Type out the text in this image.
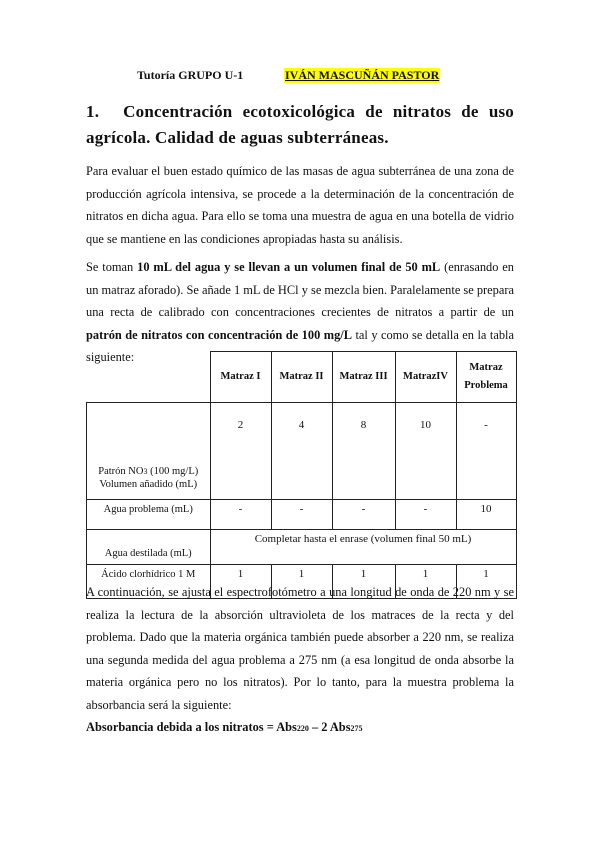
Tutoría GRUPO U-1	IVÁN MASCUÑÁN PASTOR
1. Concentración ecotoxicológica de nitratos de uso agrícola. Calidad de aguas subterráneas.

Para evaluar el buen estado químico de las masas de agua subterránea de una zona de producción agrícola intensiva, se procede a la determinación de la concentración de nitratos en dicha agua. Para ello se toma una muestra de agua en una botella de vidrio que se mantiene en las condiciones apropiadas hasta su análisis.

Se toman 10 mL del agua y se llevan a un volumen final de 50 mL (enrasando en un matraz aforado). Se añade 1 mL de HCl y se mezcla bien. Paralelamente se prepara una recta de calibrado con concentraciones crecientes de nitratos a partir de un patrón de nitratos con concentración de 100 mg/L tal y como se detalla en la tabla siguiente:

	Matraz I	Matraz II	Matraz III	MatrazIV	Matraz Problema
Patrón NO3 (100 mg/L)
Volumen añadido (mL)	2	4	8	10	-
Agua problema (mL)	-	-	-	-	10
Agua destilada (mL)	Completar hasta el enrase (volumen final 50 mL)				
Ácido clorhídrico 1 M	1	1	1	1	1

A continuación, se ajusta el espectrofotómetro a una longitud de onda de 220 nm y se realiza la lectura de la absorción ultravioleta de los matraces de la recta y del problema. Dado que la materia orgánica también puede absorber a 220 nm, se realiza una segunda medida del agua problema a 275 nm (a esa longitud de onda absorbe la materia orgánica pero no los nitratos). Por lo tanto, para la muestra problema la absorbancia será la siguiente:

Absorbancia debida a los nitratos = Abs220 – 2 Abs275
